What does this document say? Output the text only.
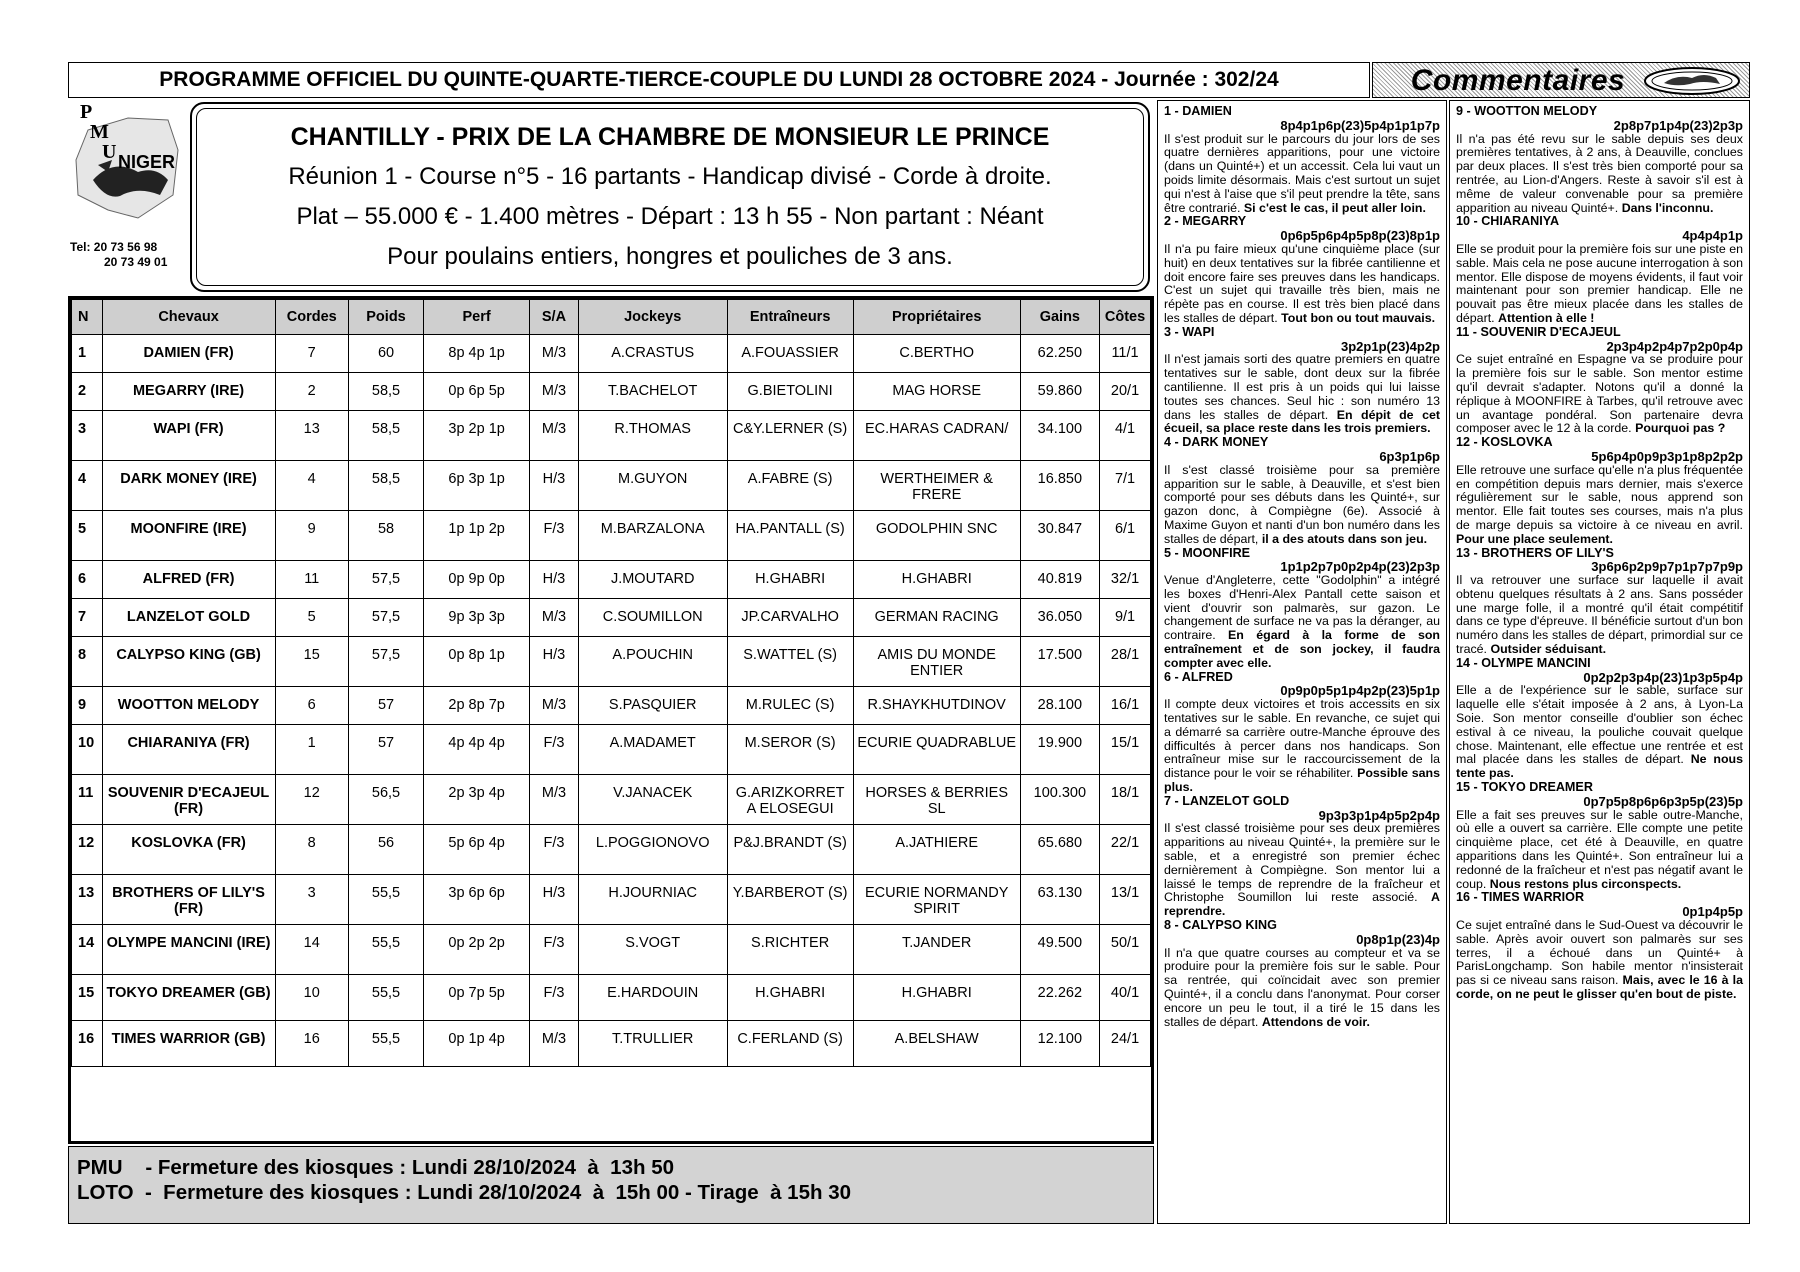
PROGRAMME OFFICIEL DU QUINTE-QUARTE-TIERCE-COUPLE DU LUNDI 28 OCTOBRE 2024 - Journée : 302/24	Commentaires
P
M
U NIGER
Tel: 20 73 56 98
20 73 49 01
CHANTILLY - PRIX DE LA CHAMBRE DE MONSIEUR LE PRINCE
Réunion 1 - Course n°5 - 16 partants - Handicap divisé - Corde à droite.
Plat – 55.000 € - 1.400 mètres - Départ : 13 h 55 - Non partant : Néant
Pour poulains entiers, hongres et pouliches de 3 ans.
N	Chevaux	Cordes	Poids	Perf	S/A	Jockeys	Entraîneurs	Propriétaires	Gains	Côtes
1	DAMIEN (FR)	7	60	8p 4p 1p	M/3	A.CRASTUS	A.FOUASSIER	C.BERTHO	62.250	11/1
2	MEGARRY (IRE)	2	58,5	0p 6p 5p	M/3	T.BACHELOT	G.BIETOLINI	MAG HORSE	59.860	20/1
3	WAPI (FR)	13	58,5	3p 2p 1p	M/3	R.THOMAS	C&Y.LERNER (S)	EC.HARAS CADRAN/	34.100	4/1
4	DARK MONEY (IRE)	4	58,5	6p 3p 1p	H/3	M.GUYON	A.FABRE (S)	WERTHEIMER & FRERE	16.850	7/1
5	MOONFIRE (IRE)	9	58	1p 1p 2p	F/3	M.BARZALONA	HA.PANTALL (S)	GODOLPHIN SNC	30.847	6/1
6	ALFRED (FR)	11	57,5	0p 9p 0p	H/3	J.MOUTARD	H.GHABRI	H.GHABRI	40.819	32/1
7	LANZELOT GOLD	5	57,5	9p 3p 3p	M/3	C.SOUMILLON	JP.CARVALHO	GERMAN RACING	36.050	9/1
8	CALYPSO KING (GB)	15	57,5	0p 8p 1p	H/3	A.POUCHIN	S.WATTEL (S)	AMIS DU MONDE ENTIER	17.500	28/1
9	WOOTTON MELODY	6	57	2p 8p 7p	M/3	S.PASQUIER	M.RULEC (S)	R.SHAYKHUTDINOV	28.100	16/1
10	CHIARANIYA (FR)	1	57	4p 4p 4p	F/3	A.MADAMET	M.SEROR (S)	ECURIE QUADRABLUE	19.900	15/1
11	SOUVENIR D'ECAJEUL (FR)	12	56,5	2p 3p 4p	M/3	V.JANACEK	G.ARIZKORRET A ELOSEGUI	HORSES & BERRIES SL	100.300	18/1
12	KOSLOVKA (FR)	8	56	5p 6p 4p	F/3	L.POGGIONOVO	P&J.BRANDT (S)	A.JATHIERE	65.680	22/1
13	BROTHERS OF LILY'S (FR)	3	55,5	3p 6p 6p	H/3	H.JOURNIAC	Y.BARBEROT (S)	ECURIE NORMANDY SPIRIT	63.130	13/1
14	OLYMPE MANCINI (IRE)	14	55,5	0p 2p 2p	F/3	S.VOGT	S.RICHTER	T.JANDER	49.500	50/1
15	TOKYO DREAMER (GB)	10	55,5	0p 7p 5p	F/3	E.HARDOUIN	H.GHABRI	H.GHABRI	22.262	40/1
16	TIMES WARRIOR (GB)	16	55,5	0p 1p 4p	M/3	T.TRULLIER	C.FERLAND (S)	A.BELSHAW	12.100	24/1
PMU    - Fermeture des kiosques : Lundi 28/10/2024  à  13h 50
LOTO  -  Fermeture des kiosques : Lundi 28/10/2024  à  15h 00 - Tirage  à 15h 30
1 - DAMIEN
8p4p1p6p(23)5p4p1p1p7p
Il s'est produit sur le parcours du jour lors de ses quatre dernières apparitions, pour une victoire (dans un Quinté+) et un accessit. Cela lui vaut un poids limite désormais. Mais c'est surtout un sujet qui n'est à l'aise que s'il peut prendre la tête, sans être contrarié. Si c'est le cas, il peut aller loin.
2 - MEGARRY
0p6p5p6p4p5p8p(23)8p1p
Il n'a pu faire mieux qu'une cinquième place (sur huit) en deux tentatives sur la fibrée cantilienne et doit encore faire ses preuves dans les handicaps. C'est un sujet qui travaille très bien, mais ne répète pas en course. Il est très bien placé dans les stalles de départ. Tout bon ou tout mauvais.
3 - WAPI
3p2p1p(23)4p2p
Il n'est jamais sorti des quatre premiers en quatre tentatives sur le sable, dont deux sur la fibrée cantilienne. Il est pris à un poids qui lui laisse toutes ses chances. Seul hic : son numéro 13 dans les stalles de départ. En dépit de cet écueil, sa place reste dans les trois premiers.
4 - DARK MONEY
6p3p1p6p
Il s'est classé troisième pour sa première apparition sur le sable, à Deauville, et s'est bien comporté pour ses débuts dans les Quinté+, sur gazon donc, à Compiègne (6e). Associé à Maxime Guyon et nanti d'un bon numéro dans les stalles de départ, il a des atouts dans son jeu.
5 - MOONFIRE
1p1p2p7p0p2p4p(23)2p3p
Venue d'Angleterre, cette "Godolphin" a intégré les boxes d'Henri-Alex Pantall cette saison et vient d'ouvrir son palmarès, sur gazon. Le changement de surface ne va pas la déranger, au contraire. En égard à la forme de son entraînement et de son jockey, il faudra compter avec elle.
6 - ALFRED
0p9p0p5p1p4p2p(23)5p1p
Il compte deux victoires et trois accessits en six tentatives sur le sable. En revanche, ce sujet qui a démarré sa carrière outre-Manche éprouve des difficultés à percer dans nos handicaps. Son entraîneur mise sur le raccourcissement de la distance pour le voir se réhabiliter. Possible sans plus.
7 - LANZELOT GOLD
9p3p3p1p4p5p2p4p
Il s'est classé troisième pour ses deux premières apparitions au niveau Quinté+, la première sur le sable, et a enregistré son premier échec dernièrement à Compiègne. Son mentor lui a laissé le temps de reprendre de la fraîcheur et Christophe Soumillon lui reste associé. A reprendre.
8 - CALYPSO KING
0p8p1p(23)4p
Il n'a que quatre courses au compteur et va se produire pour la première fois sur le sable. Pour sa rentrée, qui coïncidait avec son premier Quinté+, il a conclu dans l'anonymat. Pour corser encore un peu le tout, il a tiré le 15 dans les stalles de départ. Attendons de voir.
9 - WOOTTON MELODY
2p8p7p1p4p(23)2p3p
Il n'a pas été revu sur le sable depuis ses deux premières tentatives, à 2 ans, à Deauville, conclues par deux places. Il s'est très bien comporté pour sa rentrée, au Lion-d'Angers. Reste à savoir s'il est à même de valeur convenable pour sa première apparition au niveau Quinté+. Dans l'inconnu.
10 - CHIARANIYA
4p4p4p1p
Elle se produit pour la première fois sur une piste en sable. Mais cela ne pose aucune interrogation à son mentor. Elle dispose de moyens évidents, il faut voir maintenant pour son premier handicap. Elle ne pouvait pas être mieux placée dans les stalles de départ. Attention à elle !
11 - SOUVENIR D'ECAJEUL
2p3p4p2p4p7p2p0p4p
Ce sujet entraîné en Espagne va se produire pour la première fois sur le sable. Son mentor estime qu'il devrait s'adapter. Notons qu'il a donné la réplique à MOONFIRE à Tarbes, qu'il retrouve avec un avantage pondéral. Son partenaire devra composer avec le 12 à la corde. Pourquoi pas ?
12 - KOSLOVKA
5p6p4p0p9p3p1p8p2p2p
Elle retrouve une surface qu'elle n'a plus fréquentée en compétition depuis mars dernier, mais s'exerce régulièrement sur le sable, nous apprend son mentor. Elle fait toutes ses courses, mais n'a plus de marge depuis sa victoire à ce niveau en avril. Pour une place seulement.
13 - BROTHERS OF LILY'S
3p6p6p2p9p7p1p7p7p9p
Il va retrouver une surface sur laquelle il avait obtenu quelques résultats à 2 ans. Sans posséder une marge folle, il a montré qu'il était compétitif dans ce type d'épreuve. Il bénéficie surtout d'un bon numéro dans les stalles de départ, primordial sur ce tracé. Outsider séduisant.
14 - OLYMPE MANCINI
0p2p2p3p4p(23)1p3p5p4p
Elle a de l'expérience sur le sable, surface sur laquelle elle s'était imposée à 2 ans, à Lyon-La Soie. Son mentor conseille d'oublier son échec estival à ce niveau, la pouliche couvait quelque chose. Maintenant, elle effectue une rentrée et est mal placée dans les stalles de départ. Ne nous tente pas.
15 - TOKYO DREAMER
0p7p5p8p6p6p3p5p(23)5p
Elle a fait ses preuves sur le sable outre-Manche, où elle a ouvert sa carrière. Elle compte une petite cinquième place, cet été à Deauville, en quatre apparitions dans les Quinté+. Son entraîneur lui a redonné de la fraîcheur et n'est pas négatif avant le coup. Nous restons plus circonspects.
16 - TIMES WARRIOR
0p1p4p5p
Ce sujet entraîné dans le Sud-Ouest va découvrir le sable. Après avoir ouvert son palmarès sur ses terres, il a échoué dans un Quinté+ à ParisLongchamp. Son habile mentor n'insisterait pas si ce niveau sans raison. Mais, avec le 16 à la corde, on ne peut le glisser qu'en bout de piste.
